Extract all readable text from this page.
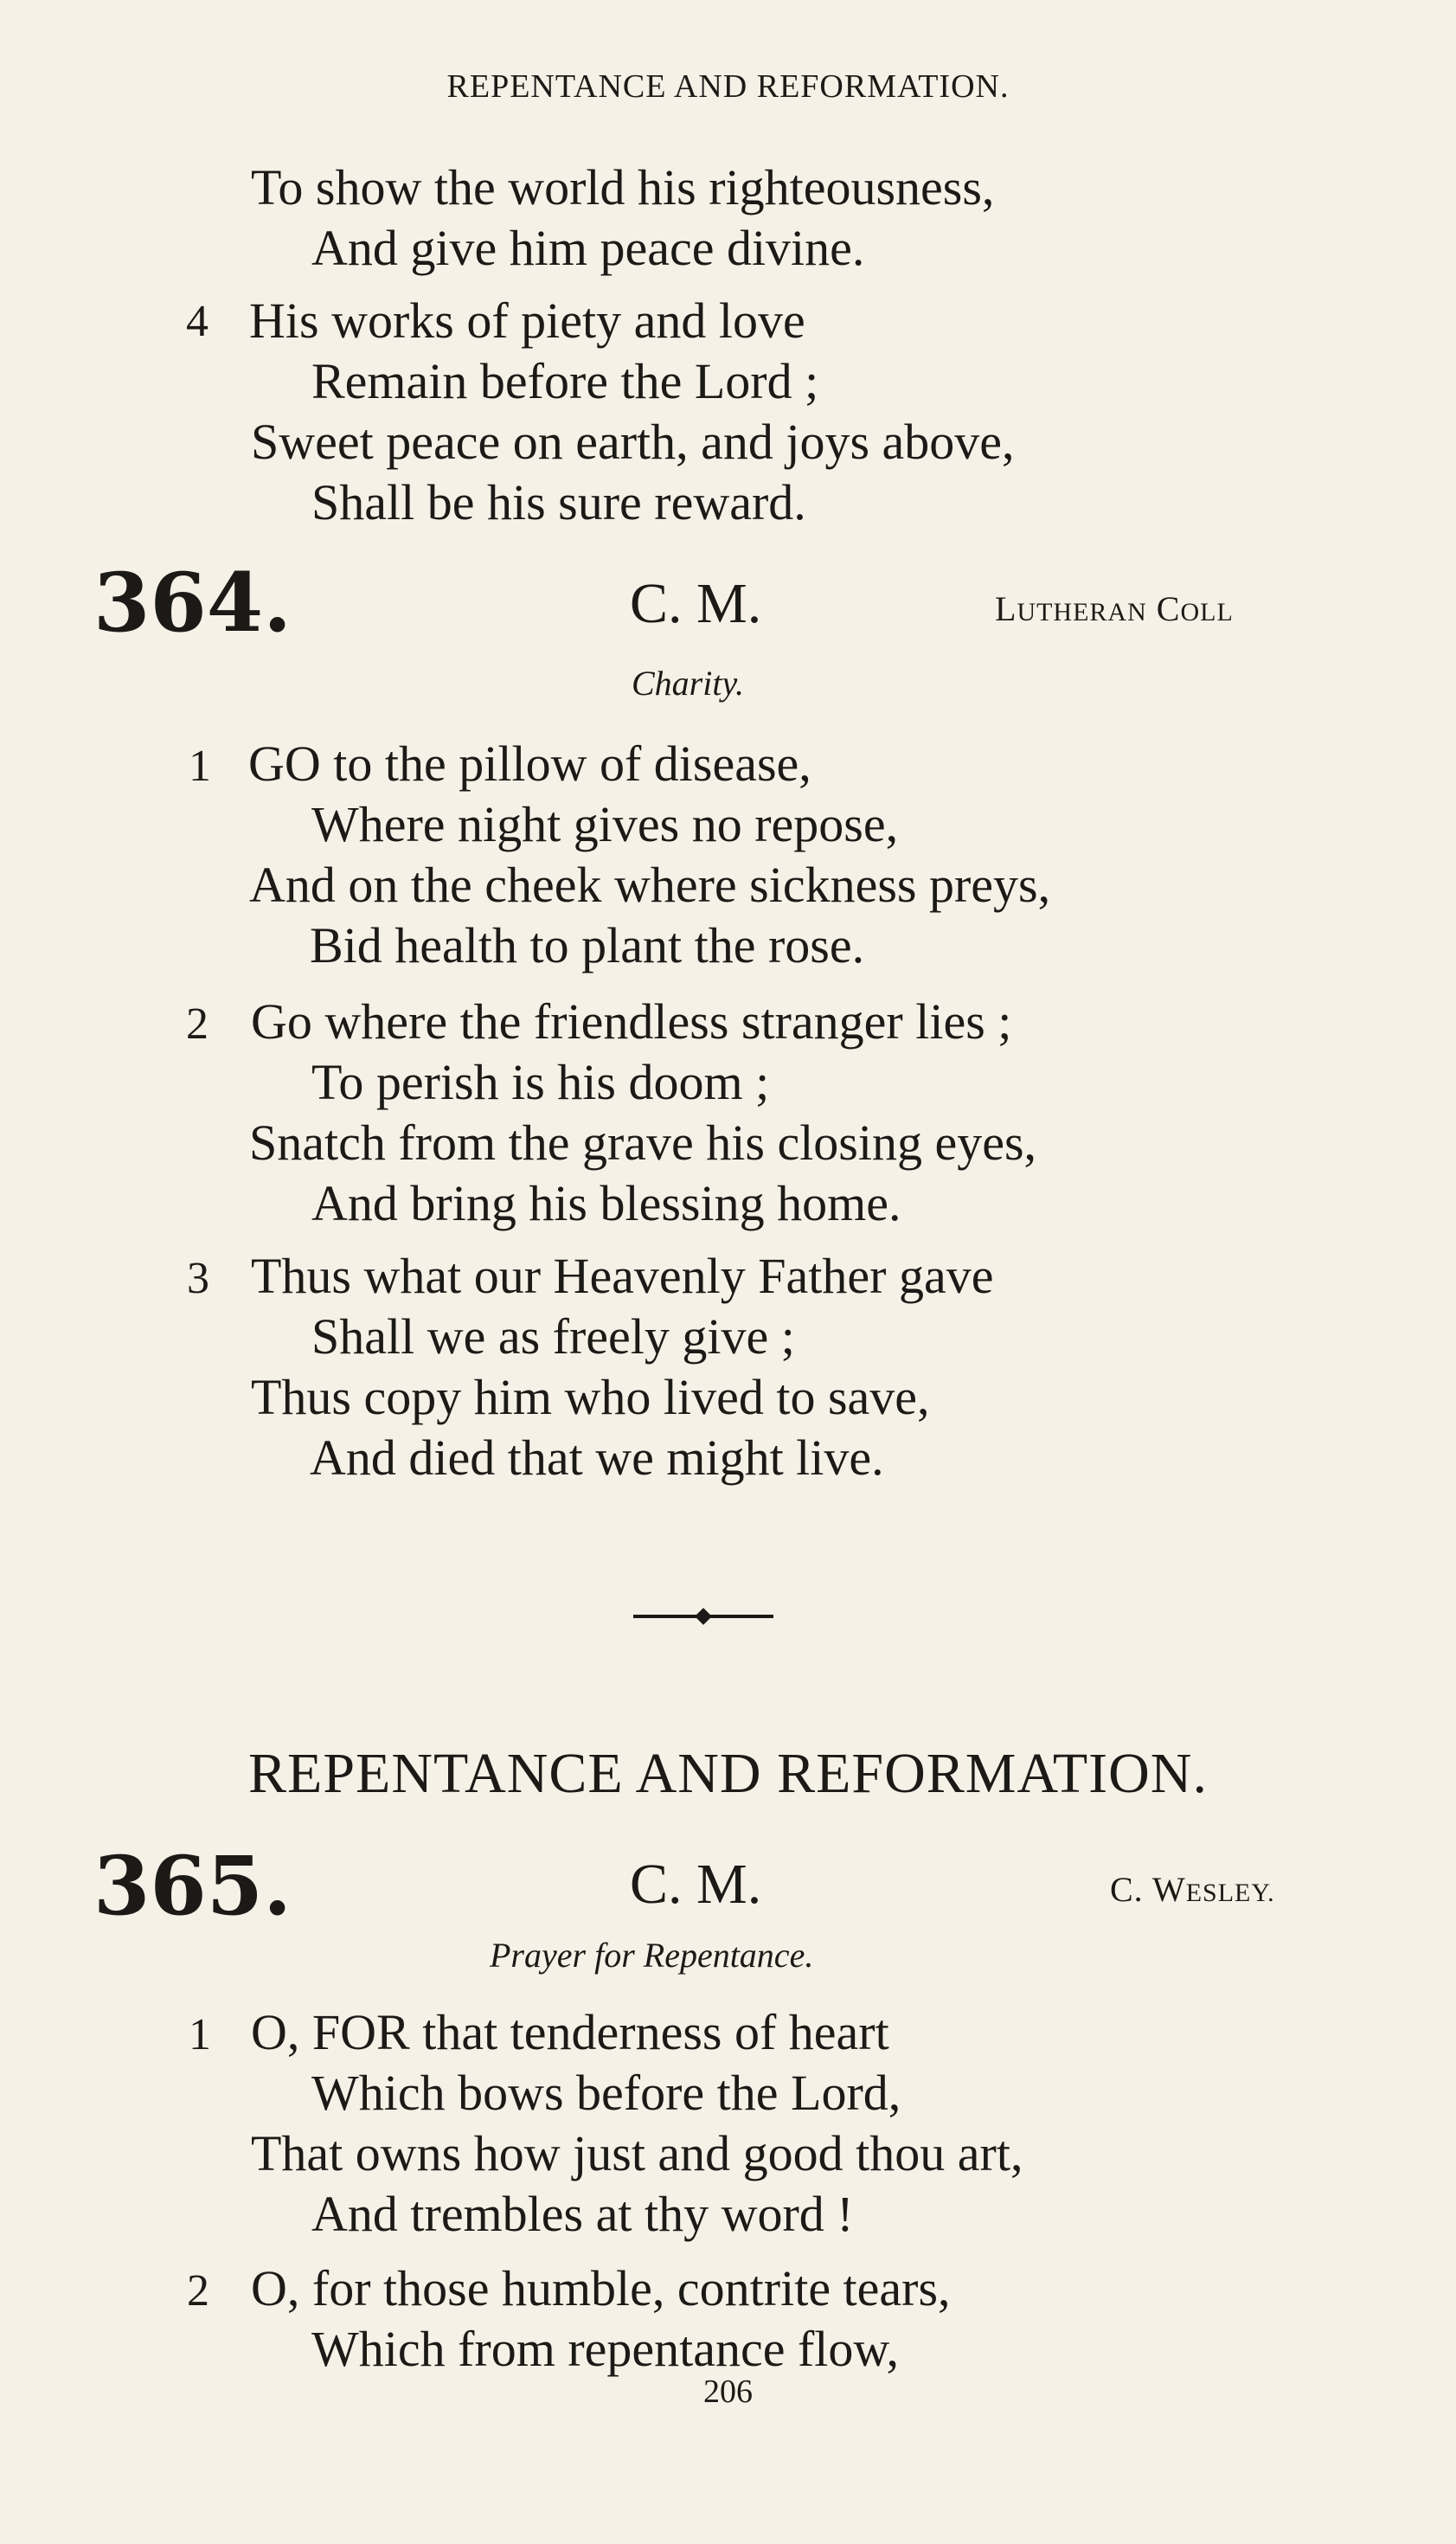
REPENTANCE AND REFORMATION.
To show the world his righteousness,
And give him peace divine.
4 His works of piety and love
Remain before the Lord ;
Sweet peace on earth, and joys above,
Shall be his sure reward.
364.	C. M.	LUTHERAN COLL
Charity.
1 GO to the pillow of disease,
Where night gives no repose,
And on the cheek where sickness preys,
Bid health to plant the rose.
2 Go where the friendless stranger lies ;
To perish is his doom ;
Snatch from the grave his closing eyes,
And bring his blessing home.
3 Thus what our Heavenly Father gave
Shall we as freely give ;
Thus copy him who lived to save,
And died that we might live.
REPENTANCE AND REFORMATION.
365.	C. M.	C. WESLEY.
Prayer for Repentance.
1 O, FOR that tenderness of heart
Which bows before the Lord,
That owns how just and good thou art,
And trembles at thy word !
2 O, for those humble, contrite tears,
Which from repentance flow,
206
